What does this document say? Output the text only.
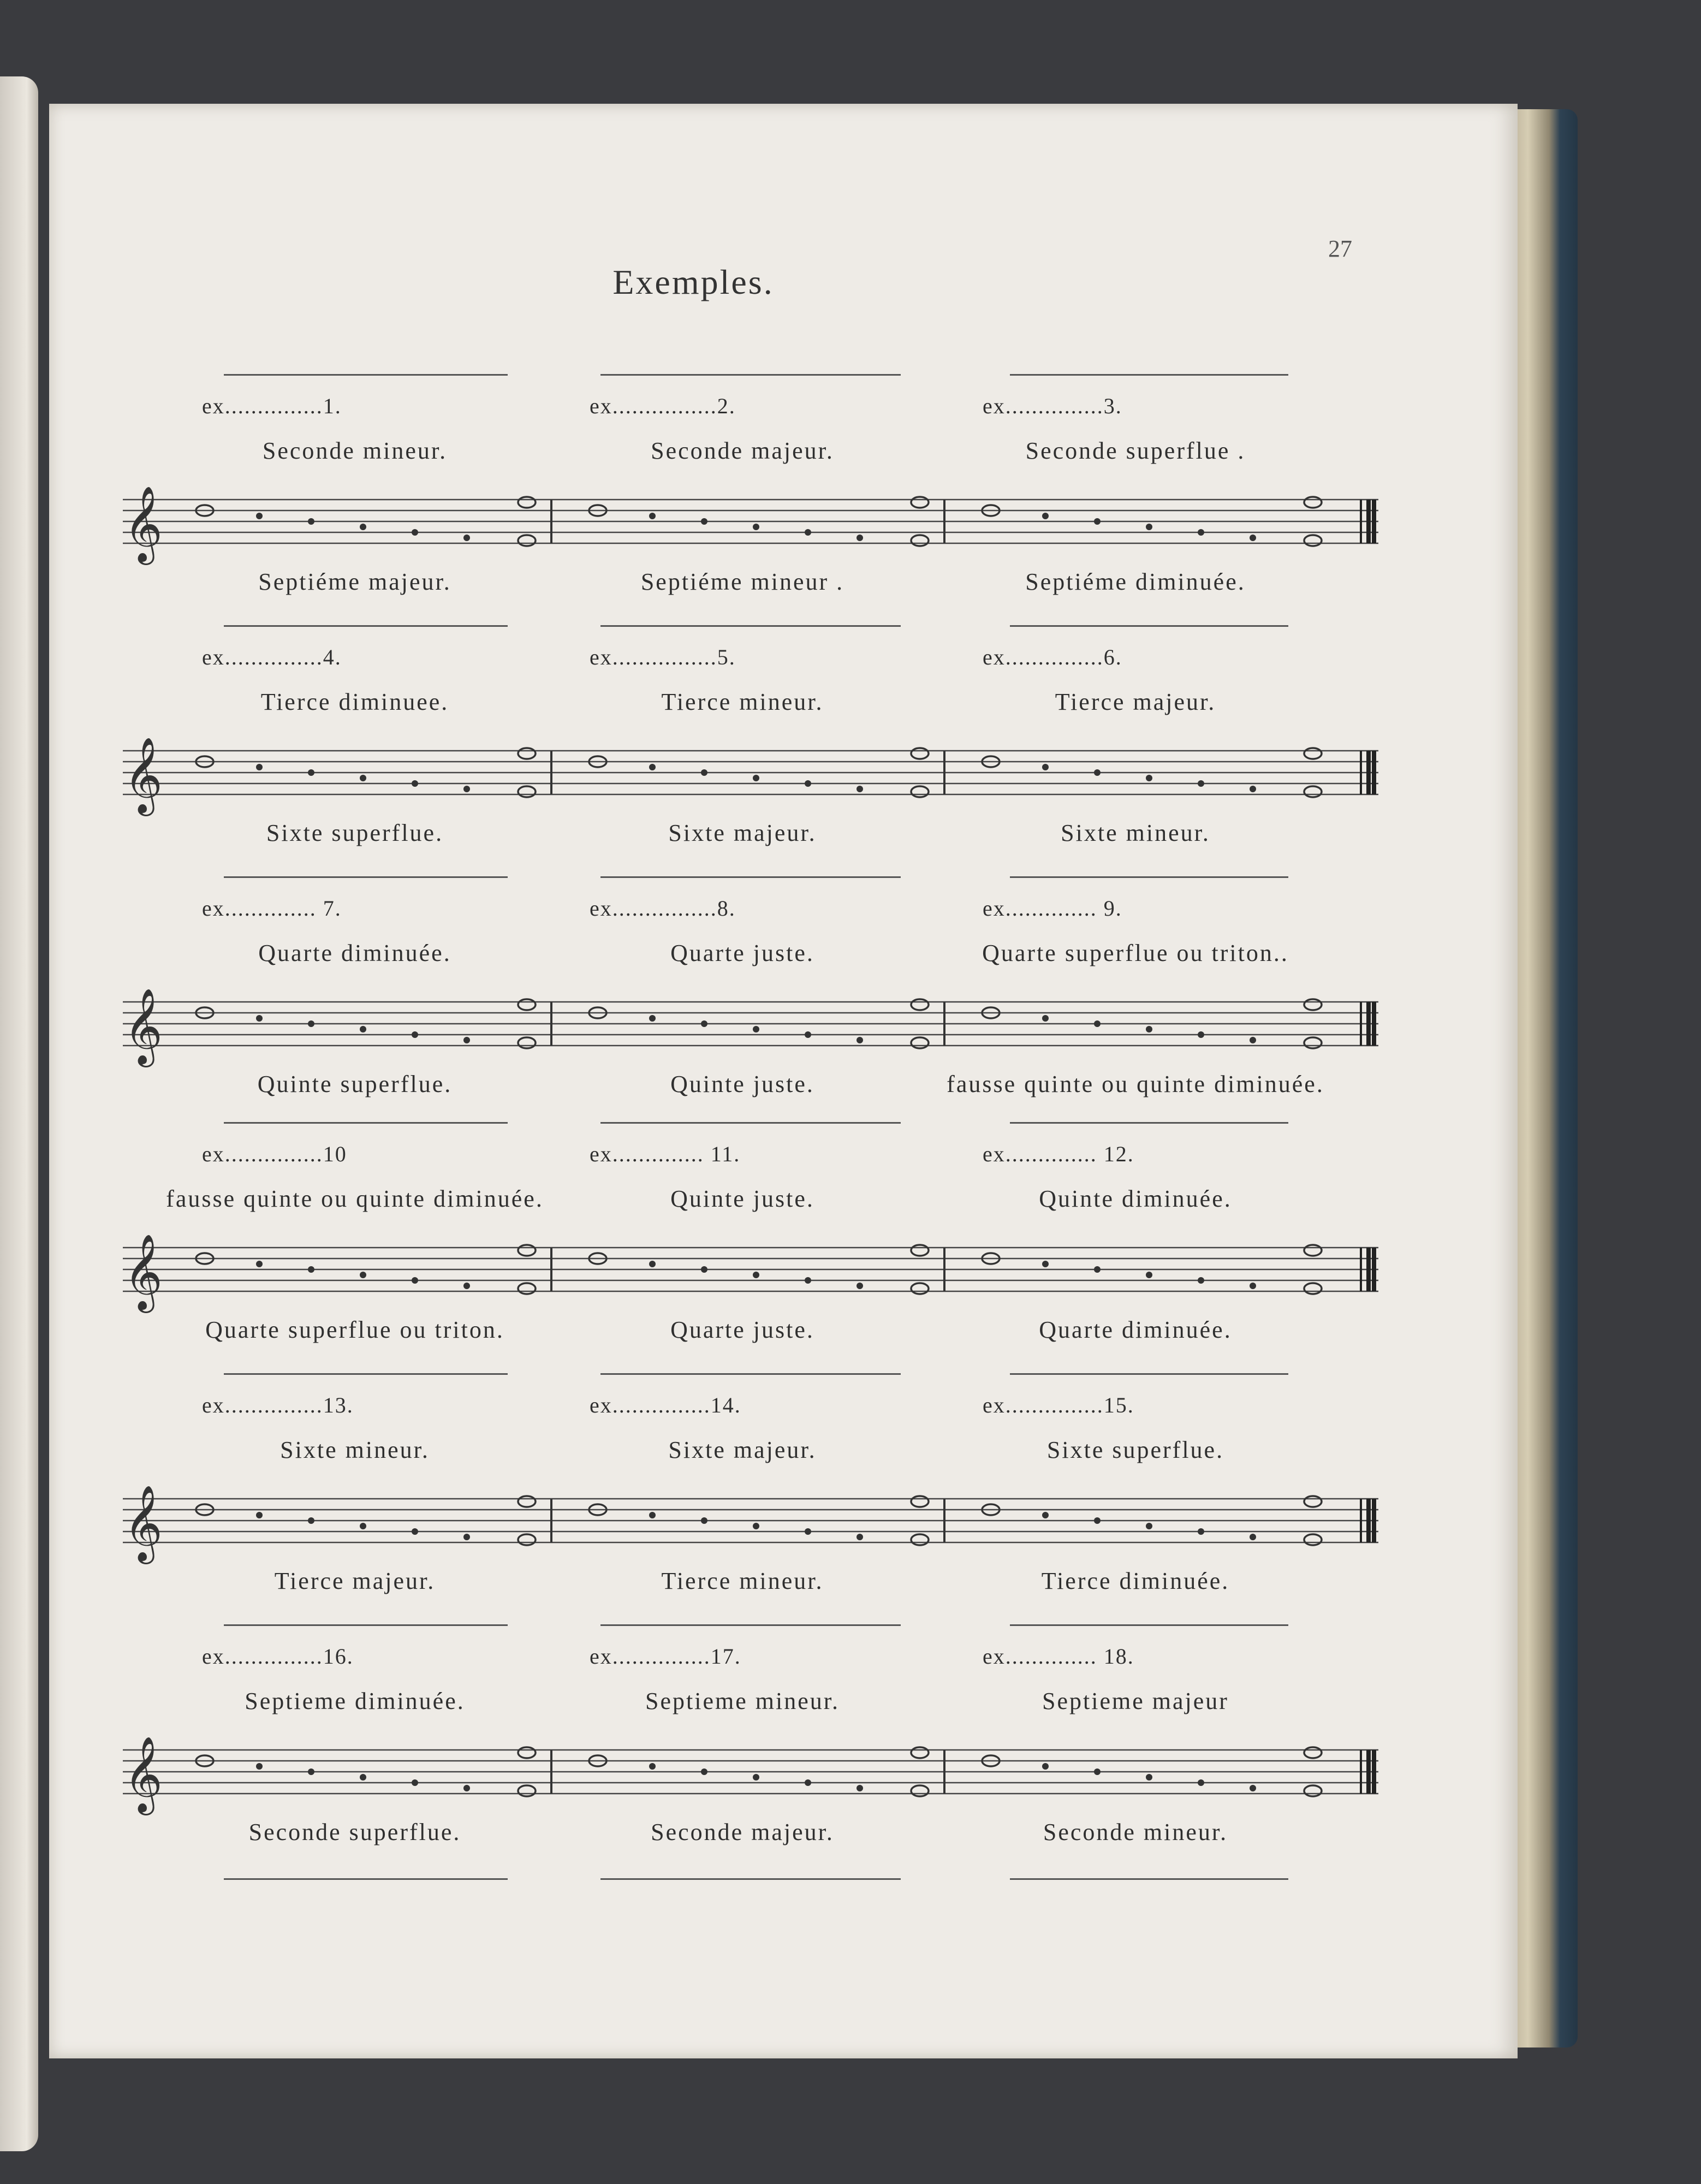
27
Exemples.
ex...............1.	ex................2.	ex...............3.
Seconde mineur.	Seconde majeur.	Seconde superflue .
𝄞
Septiéme majeur.	Septiéme mineur .	Septiéme diminuée.
ex...............4.	ex................5.	ex...............6.
Tierce diminuee.	Tierce mineur.	Tierce majeur.
𝄞
Sixte superflue.	Sixte majeur.	Sixte mineur.
ex.............. 7.	ex................8.	ex.............. 9.
Quarte diminuée.	Quarte juste.	Quarte superflue ou triton..
𝄞
Quinte superflue.	Quinte juste.	fausse quinte ou quinte diminuée.
ex...............10	ex.............. 11.	ex.............. 12.
fausse quinte ou quinte diminuée.	Quinte juste.	Quinte diminuée.
𝄞
Quarte superflue ou triton.	Quarte juste.	Quarte diminuée.
ex...............13.	ex...............14.	ex...............15.
Sixte mineur.	Sixte majeur.	Sixte superflue.
𝄞
Tierce majeur.	Tierce mineur.	Tierce diminuée.
ex...............16.	ex...............17.	ex.............. 18.
Septieme diminuée.	Septieme mineur.	Septieme majeur
𝄞
Seconde superflue.	Seconde majeur.	Seconde mineur.
